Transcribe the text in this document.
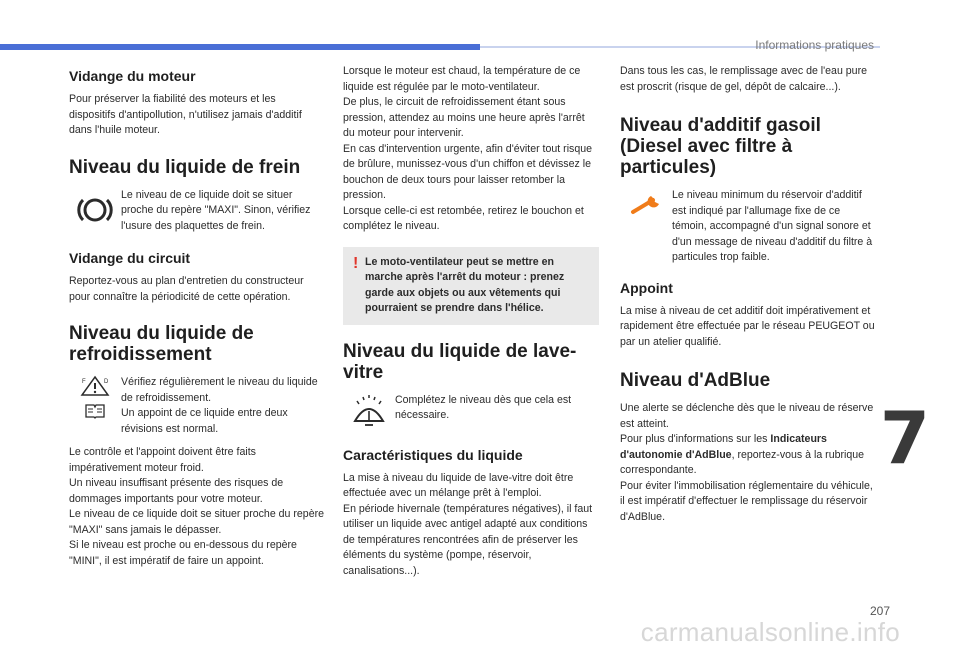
Informations pratiques
Vidange du moteur

Pour préserver la fiabilité des moteurs et les dispositifs d'antipollution, n'utilisez jamais d'additif dans l'huile moteur.

Niveau du liquide de frein

Le niveau de ce liquide doit se situer proche du repère "MAXI". Sinon, vérifiez l'usure des plaquettes de frein.

Vidange du circuit

Reportez-vous au plan d'entretien du constructeur pour connaître la périodicité de cette opération.

Niveau du liquide de refroidissement
F	D Vérifiez régulièrement le niveau du liquide de refroidissement.
Un appoint de ce liquide entre deux révisions est normal.

Le contrôle et l'appoint doivent être faits impérativement moteur froid.
Un niveau insuffisant présente des risques de dommages importants pour votre moteur.
Le niveau de ce liquide doit se situer proche du repère "MAXI" sans jamais le dépasser.
Si le niveau est proche ou en-dessous du repère "MINI", il est impératif de faire un appoint.

Lorsque le moteur est chaud, la température de ce liquide est régulée par le moto-ventilateur.
De plus, le circuit de refroidissement étant sous pression, attendez au moins une heure après l'arrêt du moteur pour intervenir.
En cas d'intervention urgente, afin d'éviter tout risque de brûlure, munissez-vous d'un chiffon et dévissez le bouchon de deux tours pour laisser retomber la pression.
Lorsque celle-ci est retombée, retirez le bouchon et complétez le niveau.

! Le moto-ventilateur peut se mettre en marche après l'arrêt du moteur : prenez garde aux objets ou aux vêtements qui pourraient se prendre dans l'hélice.

Niveau du liquide de lave-vitre

Complétez le niveau dès que cela est nécessaire.

Caractéristiques du liquide

La mise à niveau du liquide de lave-vitre doit être effectuée avec un mélange prêt à l'emploi.
En période hivernale (températures négatives), il faut utiliser un liquide avec antigel adapté aux conditions de températures rencontrées afin de préserver les éléments du système (pompe, réservoir, canalisations...).

Dans tous les cas, le remplissage avec de l'eau pure est proscrit (risque de gel, dépôt de calcaire...).

Niveau d'additif gasoil (Diesel avec filtre à particules)

Le niveau minimum du réservoir d'additif est indiqué par l'allumage fixe de ce témoin, accompagné d'un signal sonore et d'un message de niveau d'additif du filtre à particules trop faible.

Appoint

La mise à niveau de cet additif doit impérativement et rapidement être effectuée par le réseau PEUGEOT ou par un atelier qualifié.

Niveau d'AdBlue

Une alerte se déclenche dès que le niveau de réserve est atteint.
Pour plus d'informations sur les Indicateurs d'autonomie d'AdBlue, reportez-vous à la rubrique correspondante.
Pour éviter l'immobilisation réglementaire du véhicule, il est impératif d'effectuer le remplissage du réservoir d'AdBlue.

7
207
carmanualsonline.info
